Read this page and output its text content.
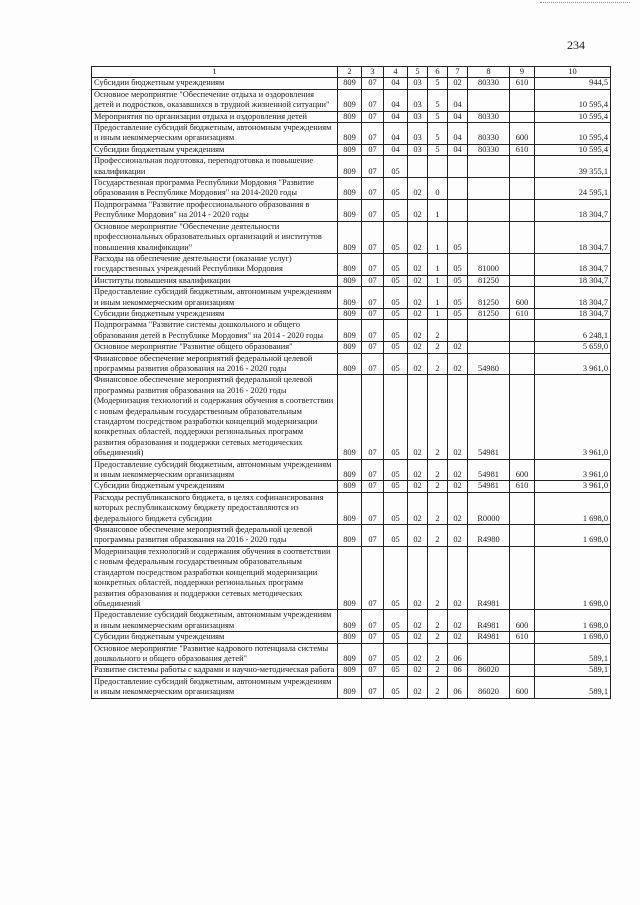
234
1	2	3	4	5	6	7	8	9	10
Субсидии бюджетным учреждениям	809	07	04	03	5	02	80330	610	944,5
Основное мероприятие "Обеспечение отдыха и оздоровления детей и подростков, оказавшихся в трудной жизненной ситуации"	809	07	04	03	5	04			10 595,4
Мероприятия по организации отдыха и оздоровления детей	809	07	04	03	5	04	80330		10 595,4
Предоставление субсидий бюджетным, автономным учреждениям и иным некоммерческим организациям	809	07	04	03	5	04	80330	600	10 595,4
Субсидии бюджетным учреждениям	809	07	04	03	5	04	80330	610	10 595,4
Профессиональная подготовка, переподготовка и повышение квалификации	809	07	05						39 355,1
Государственная программа Республики Мордовия "Развитие образования в Республике Мордовия" на 2014-2020 годы	809	07	05	02	0				24 595,1
Подпрограмма "Развитие профессионального образования в Республике Мордовия" на 2014 - 2020 годы	809	07	05	02	1				18 304,7
Основное мероприятие "Обеспечение деятельности профессиональных образовательных организаций и институтов повышения квалификации"	809	07	05	02	1	05			18 304,7
Расходы на обеспечение деятельности (оказание услуг) государственных учреждений Республики Мордовия	809	07	05	02	1	05	81000		18 304,7
Институты повышения квалификации	809	07	05	02	1	05	81250		18 304,7
Предоставление субсидий бюджетным, автономным учреждениям и иным некоммерческим организациям	809	07	05	02	1	05	81250	600	18 304,7
Субсидии бюджетным учреждениям	809	07	05	02	1	05	81250	610	18 304,7
Подпрограмма "Развитие системы дошкольного и общего образования детей в Республике Мордовия" на 2014 - 2020 годы	809	07	05	02	2				6 248,1
Основное мероприятие "Развитие общего образования"	809	07	05	02	2	02			5 659,0
Финансовое обеспечение мероприятий федеральной целевой программы развития образования на 2016 - 2020 годы	809	07	05	02	2	02	54980		3 961,0
Финансовое обеспечение мероприятий федеральной целевой программы развития образования на 2016 - 2020 годы (Модернизация технологий и содержания обучения в соответствии с новым федеральным государственным образовательным стандартом посредством разработки концепций модернизации конкретных областей, поддержки региональных программ развития образования и поддержки сетевых методических объединений)	809	07	05	02	2	02	54981		3 961,0
Предоставление субсидий бюджетным, автономным учреждениям и иным некоммерческим организациям	809	07	05	02	2	02	54981	600	3 961,0
Субсидии бюджетным учреждениям	809	07	05	02	2	02	54981	610	3 961,0
Расходы республиканского бюджета, в целях софинансирования которых республиканскому бюджету предоставляются из федерального бюджета субсидии	809	07	05	02	2	02	R0000		1 698,0
Финансовое обеспечение мероприятий федеральной целевой программы развития образования на 2016 - 2020 годы	809	07	05	02	2	02	R4980		1 698,0
Модернизация технологий и содержания обучения в соответствии с новым федеральным государственным образовательным стандартом посредством разработки концепций модернизации конкретных областей, поддержки региональных программ развития образования и поддержки сетевых методических объединений	809	07	05	02	2	02	R4981		1 698,0
Предоставление субсидий бюджетным, автономным учреждениям и иным некоммерческим организациям	809	07	05	02	2	02	R4981	600	1 698,0
Субсидии бюджетным учреждениям	809	07	05	02	2	02	R4981	610	1 698,0
Основное мероприятие "Развитие кадрового потенциала системы дошкольного и общего образования детей"	809	07	05	02	2	06			589,1
Развитие системы работы с кадрами и научно-методическая работа	809	07	05	02	2	06	86020		589,1
Предоставление субсидий бюджетным, автономным учреждениям и иным некоммерческим организациям	809	07	05	02	2	06	86020	600	589,1
